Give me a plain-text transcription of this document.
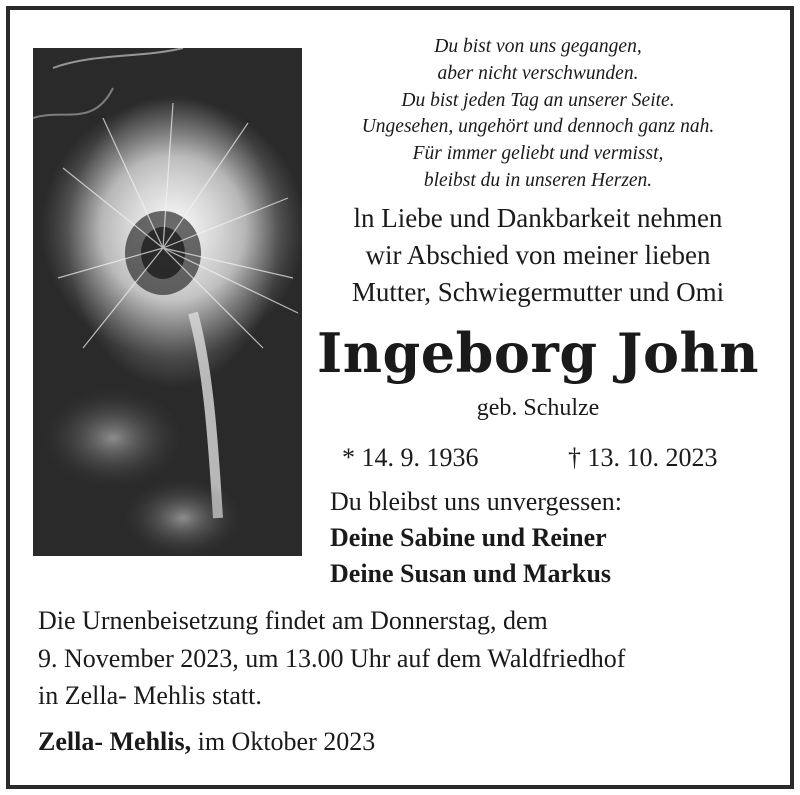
Du bist von uns gegangen,
aber nicht verschwunden.
Du bist jeden Tag an unserer Seite.
Ungesehen, ungehört und dennoch ganz nah.
Für immer geliebt und vermisst,
bleibst du in unseren Herzen.
ln Liebe und Dankbarkeit nehmen
wir Abschied von meiner lieben
Mutter, Schwiegermutter und Omi
Ingeborg John
geb. Schulze
* 14. 9. 1936	† 13. 10. 2023
Du bleibst uns unvergessen:
Deine Sabine und Reiner
Deine Susan und Markus
Die Urnenbeisetzung findet am Donnerstag, dem
9. November 2023, um 13.00 Uhr auf dem Waldfriedhof
in Zella- Mehlis statt.
Zella- Mehlis, im Oktober 2023
